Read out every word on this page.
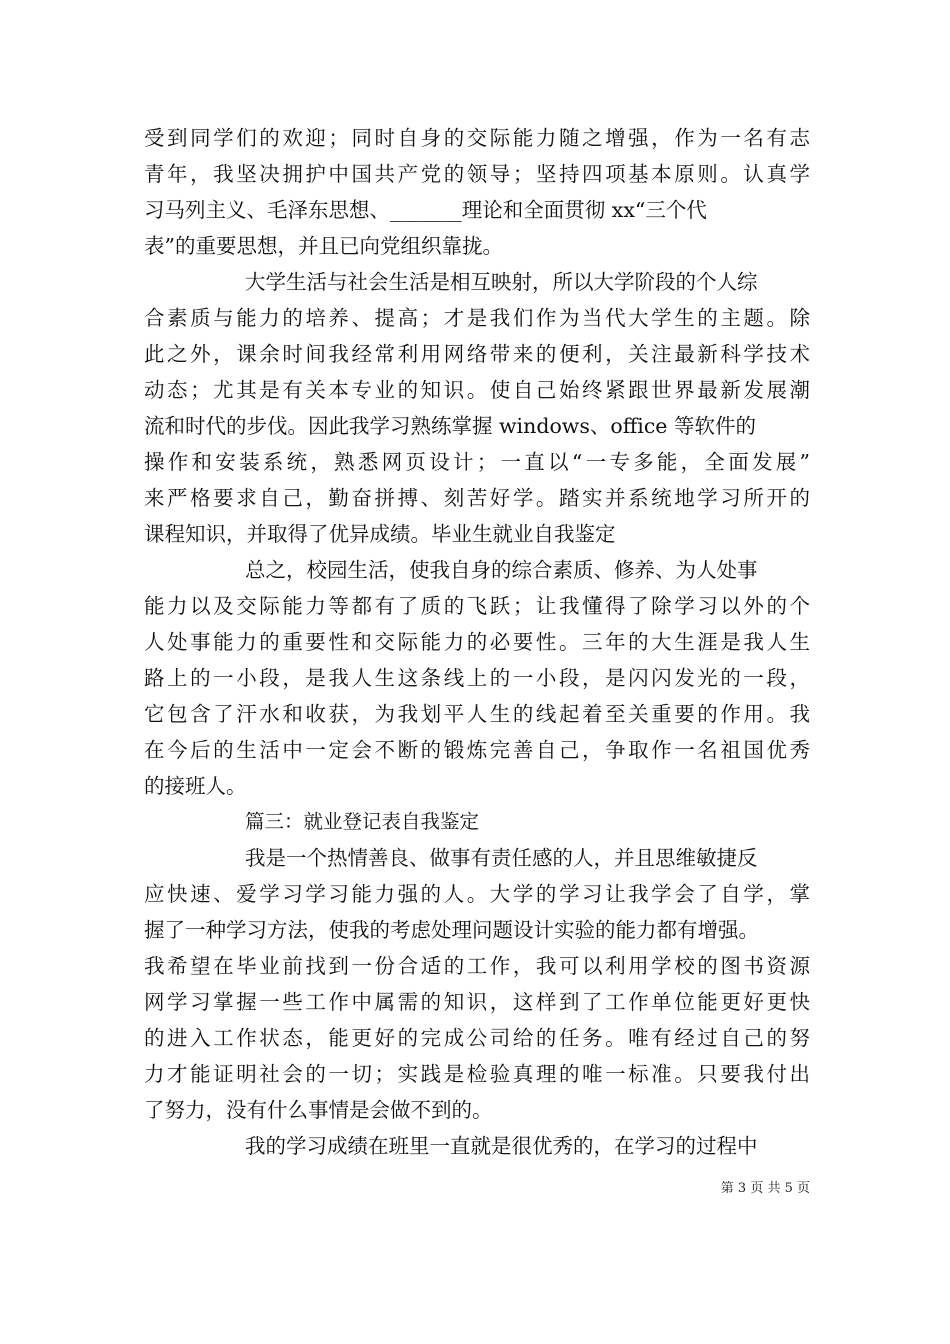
受到同学们的欢迎；同时自身的交际能力随之增强，作为一名有志
青年，我坚决拥护中国共产党的领导；坚持四项基本原则。认真学
习马列主义、毛泽东思想、_______理论和全面贯彻 xx“三个代
表”的重要思想，并且已向党组织靠拢。
大学生活与社会生活是相互映射，所以大学阶段的个人综
合素质与能力的培养、提高；才是我们作为当代大学生的主题。除
此之外，课余时间我经常利用网络带来的便利，关注最新科学技术
动态；尤其是有关本专业的知识。使自己始终紧跟世界最新发展潮
流和时代的步伐。因此我学习熟练掌握 windows、office 等软件的
操作和安装系统，熟悉网页设计；一直以“一专多能，全面发展”
来严格要求自己，勤奋拼搏、刻苦好学。踏实并系统地学习所开的
课程知识，并取得了优异成绩。毕业生就业自我鉴定
总之，校园生活，使我自身的综合素质、修养、为人处事
能力以及交际能力等都有了质的飞跃；让我懂得了除学习以外的个
人处事能力的重要性和交际能力的必要性。三年的大生涯是我人生
路上的一小段，是我人生这条线上的一小段，是闪闪发光的一段，
它包含了汗水和收获，为我划平人生的线起着至关重要的作用。我
在今后的生活中一定会不断的锻炼完善自己，争取作一名祖国优秀
的接班人。
篇三：就业登记表自我鉴定
我是一个热情善良、做事有责任感的人，并且思维敏捷反
应快速、爱学习学习能力强的人。大学的学习让我学会了自学，掌
握了一种学习方法，使我的考虑处理问题设计实验的能力都有增强。
我希望在毕业前找到一份合适的工作，我可以利用学校的图书资源
网学习掌握一些工作中属需的知识，这样到了工作单位能更好更快
的进入工作状态，能更好的完成公司给的任务。唯有经过自己的努
力才能证明社会的一切；实践是检验真理的唯一标准。只要我付出
了努力，没有什么事情是会做不到的。
我的学习成绩在班里一直就是很优秀的，在学习的过程中
第 3 页 共 5 页
